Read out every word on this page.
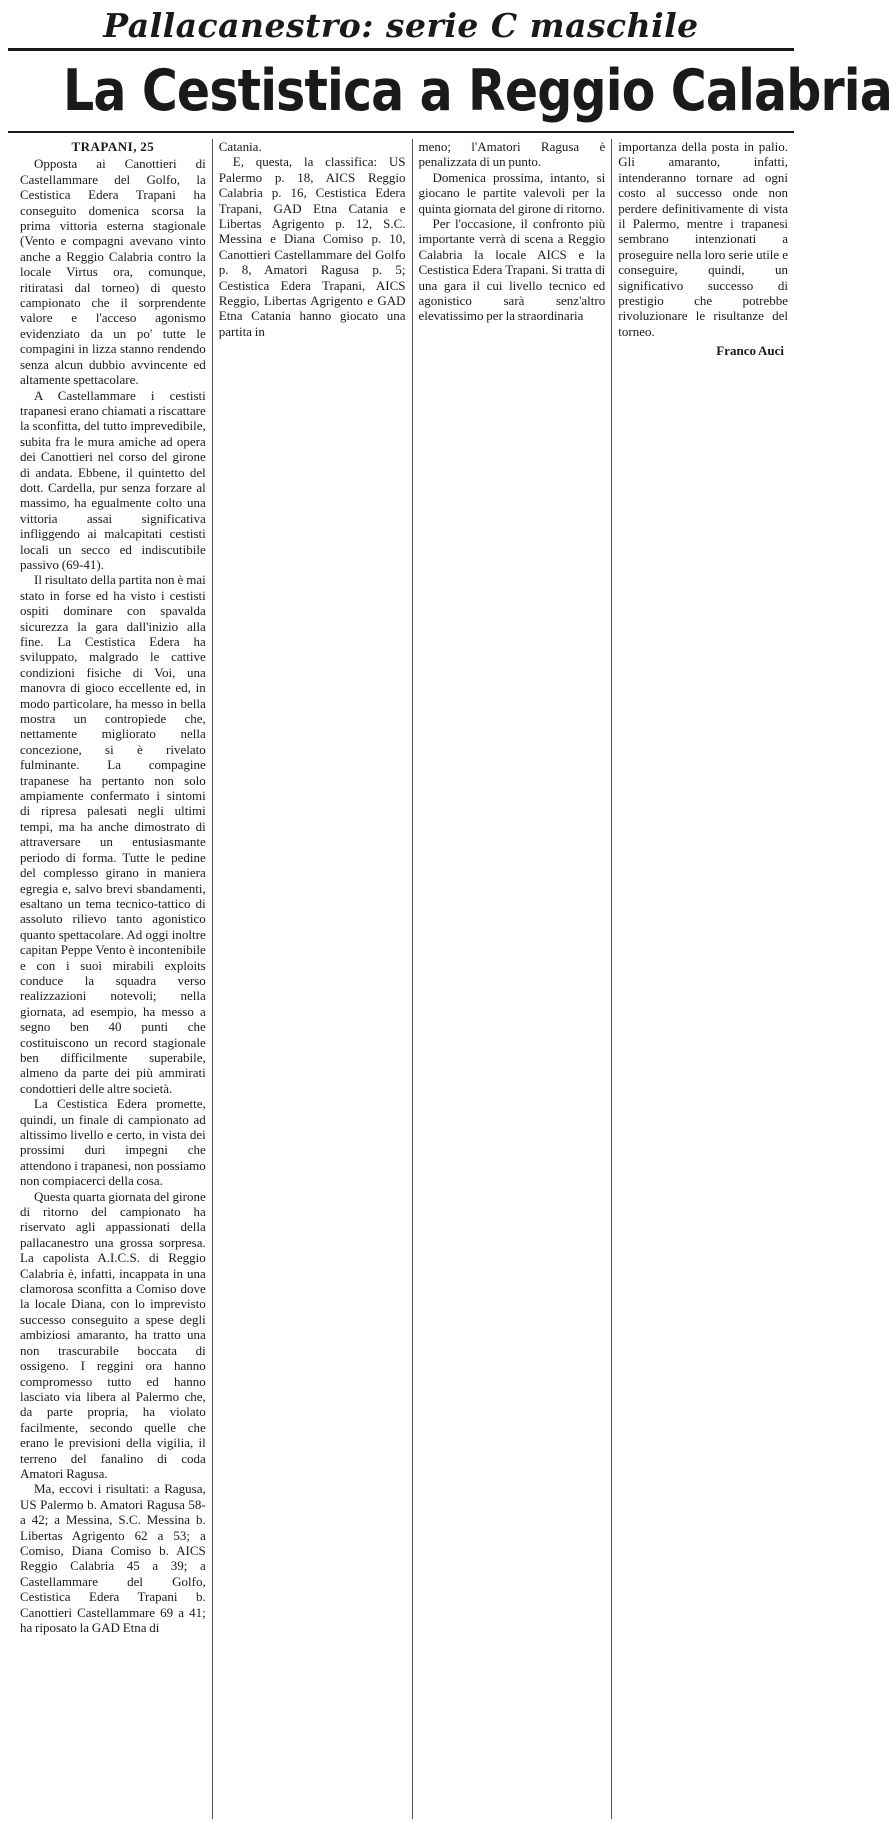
Pallacanestro: serie C maschile
La Cestistica a Reggio Calabria
TRAPANI, 25

Opposta ai Canottieri di Castellammare del Golfo, la Cestistica Edera Trapani ha conseguito domenica scorsa la prima vittoria esterna stagionale (Vento e compagni avevano vinto anche a Reggio Calabria contro la locale Virtus ora, comunque, ritiratasi dal torneo) di questo campionato che il sorprendente valore e l'acceso agonismo evidenziato da un po' tutte le compagini in lizza stanno rendendo senza alcun dubbio avvincente ed altamente spettacolare.

A Castellammare i cestisti trapanesi erano chiamati a riscattare la sconfitta, del tutto imprevedibile, subita fra le mura amiche ad opera dei Canottieri nel corso del girone di andata. Ebbene, il quintetto del dott. Cardella, pur senza forzare al massimo, ha egualmente colto una vittoria assai significativa infliggendo ai malcapitati cestisti locali un secco ed indiscutibile passivo (69-41).

Il risultato della partita non è mai stato in forse ed ha visto i cestisti ospiti dominare con spavalda sicurezza la gara dall'inizio alla fine. La Cestistica Edera ha sviluppato, malgrado le cattive condizioni fisiche di Voi, una manovra di gioco eccellente ed, in modo particolare, ha messo in bella mostra un contropiede che, nettamente migliorato nella concezione, si è rivelato fulminante. La compagine trapanese ha pertanto non solo ampiamente confermato i sintomi di ripresa palesati negli ultimi tempi, ma ha anche dimostrato di attraversare un entusiasmante periodo di forma. Tutte le pedine del complesso girano in maniera egregia e, salvo brevi sbandamenti, esaltano un tema tecnico-tattico di assoluto rilievo tanto agonistico quanto spettacolare. Ad oggi inoltre capitan Peppe Vento è incontenibile e con i suoi mirabili exploits conduce la squadra verso realizzazioni notevoli; nella giornata, ad esempio, ha messo a segno ben 40 punti che costituiscono un record stagionale ben difficilmente superabile, almeno da parte dei più ammirati condottieri delle altre società.

La Cestistica Edera promette, quindi, un finale di campionato ad altissimo livello e certo, in vista dei prossimi duri impegni che attendono i trapanesi, non possiamo non compiacerci della cosa.

Questa quarta giornata del girone di ritorno del campionato ha riservato agli appassionati della pallacanestro una grossa sorpresa. La capolista A.I.C.S. di Reggio Calabria è, infatti, incappata in una clamorosa sconfitta a Comiso dove la locale Diana, con lo imprevisto successo conseguito a spese degli ambiziosi amaranto, ha tratto una non trascurabile boccata di ossigeno. I reggini ora hanno compromesso tutto ed hanno lasciato via libera al Palermo che, da parte propria, ha violato facilmente, secondo quelle che erano le previsioni della vigilia, il terreno del fanalino di coda Amatori Ragusa.

Ma, eccovi i risultati: a Ragusa, US Palermo b. Amatori Ragusa 58-a 42; a Messina, S.C. Messina b. Libertas Agrigento 62 a 53; a Comiso, Diana Comiso b. AICS Reggio Calabria 45 a 39; a Castellammare del Golfo, Cestistica Edera Trapani b. Canottieri Castellammare 69 a 41; ha riposato la GAD Etna di

Catania.

E, questa, la classifica: US Palermo p. 18, AICS Reggio Calabria p. 16, Cestistica Edera Trapani, GAD Etna Catania e Libertas Agrigento p. 12, S.C. Messina e Diana Comiso p. 10, Canottieri Castellammare del Golfo p. 8, Amatori Ragusa p. 5; Cestistica Edera Trapani, AICS Reggio, Libertas Agrigento e GAD Etna Catania hanno giocato una partita in

meno; l'Amatori Ragusa è penalizzata di un punto.

Domenica prossima, intanto, si giocano le partite valevoli per la quinta giornata del girone di ritorno.

Per l'occasione, il confronto più importante verrà di scena a Reggio Calabria la locale AICS e la Cestistica Edera Trapani. Si tratta di una gara il cui livello tecnico ed agonistico sarà senz'altro elevatissimo per la straordinaria

importanza della posta in palio. Gli amaranto, infatti, intenderanno tornare ad ogni costo al successo onde non perdere definitivamente di vista il Palermo, mentre i trapanesi sembrano intenzionati a proseguire nella loro serie utile e conseguire, quindi, un significativo successo di prestigio che potrebbe rivoluzionare le risultanze del torneo.

Franco Auci
